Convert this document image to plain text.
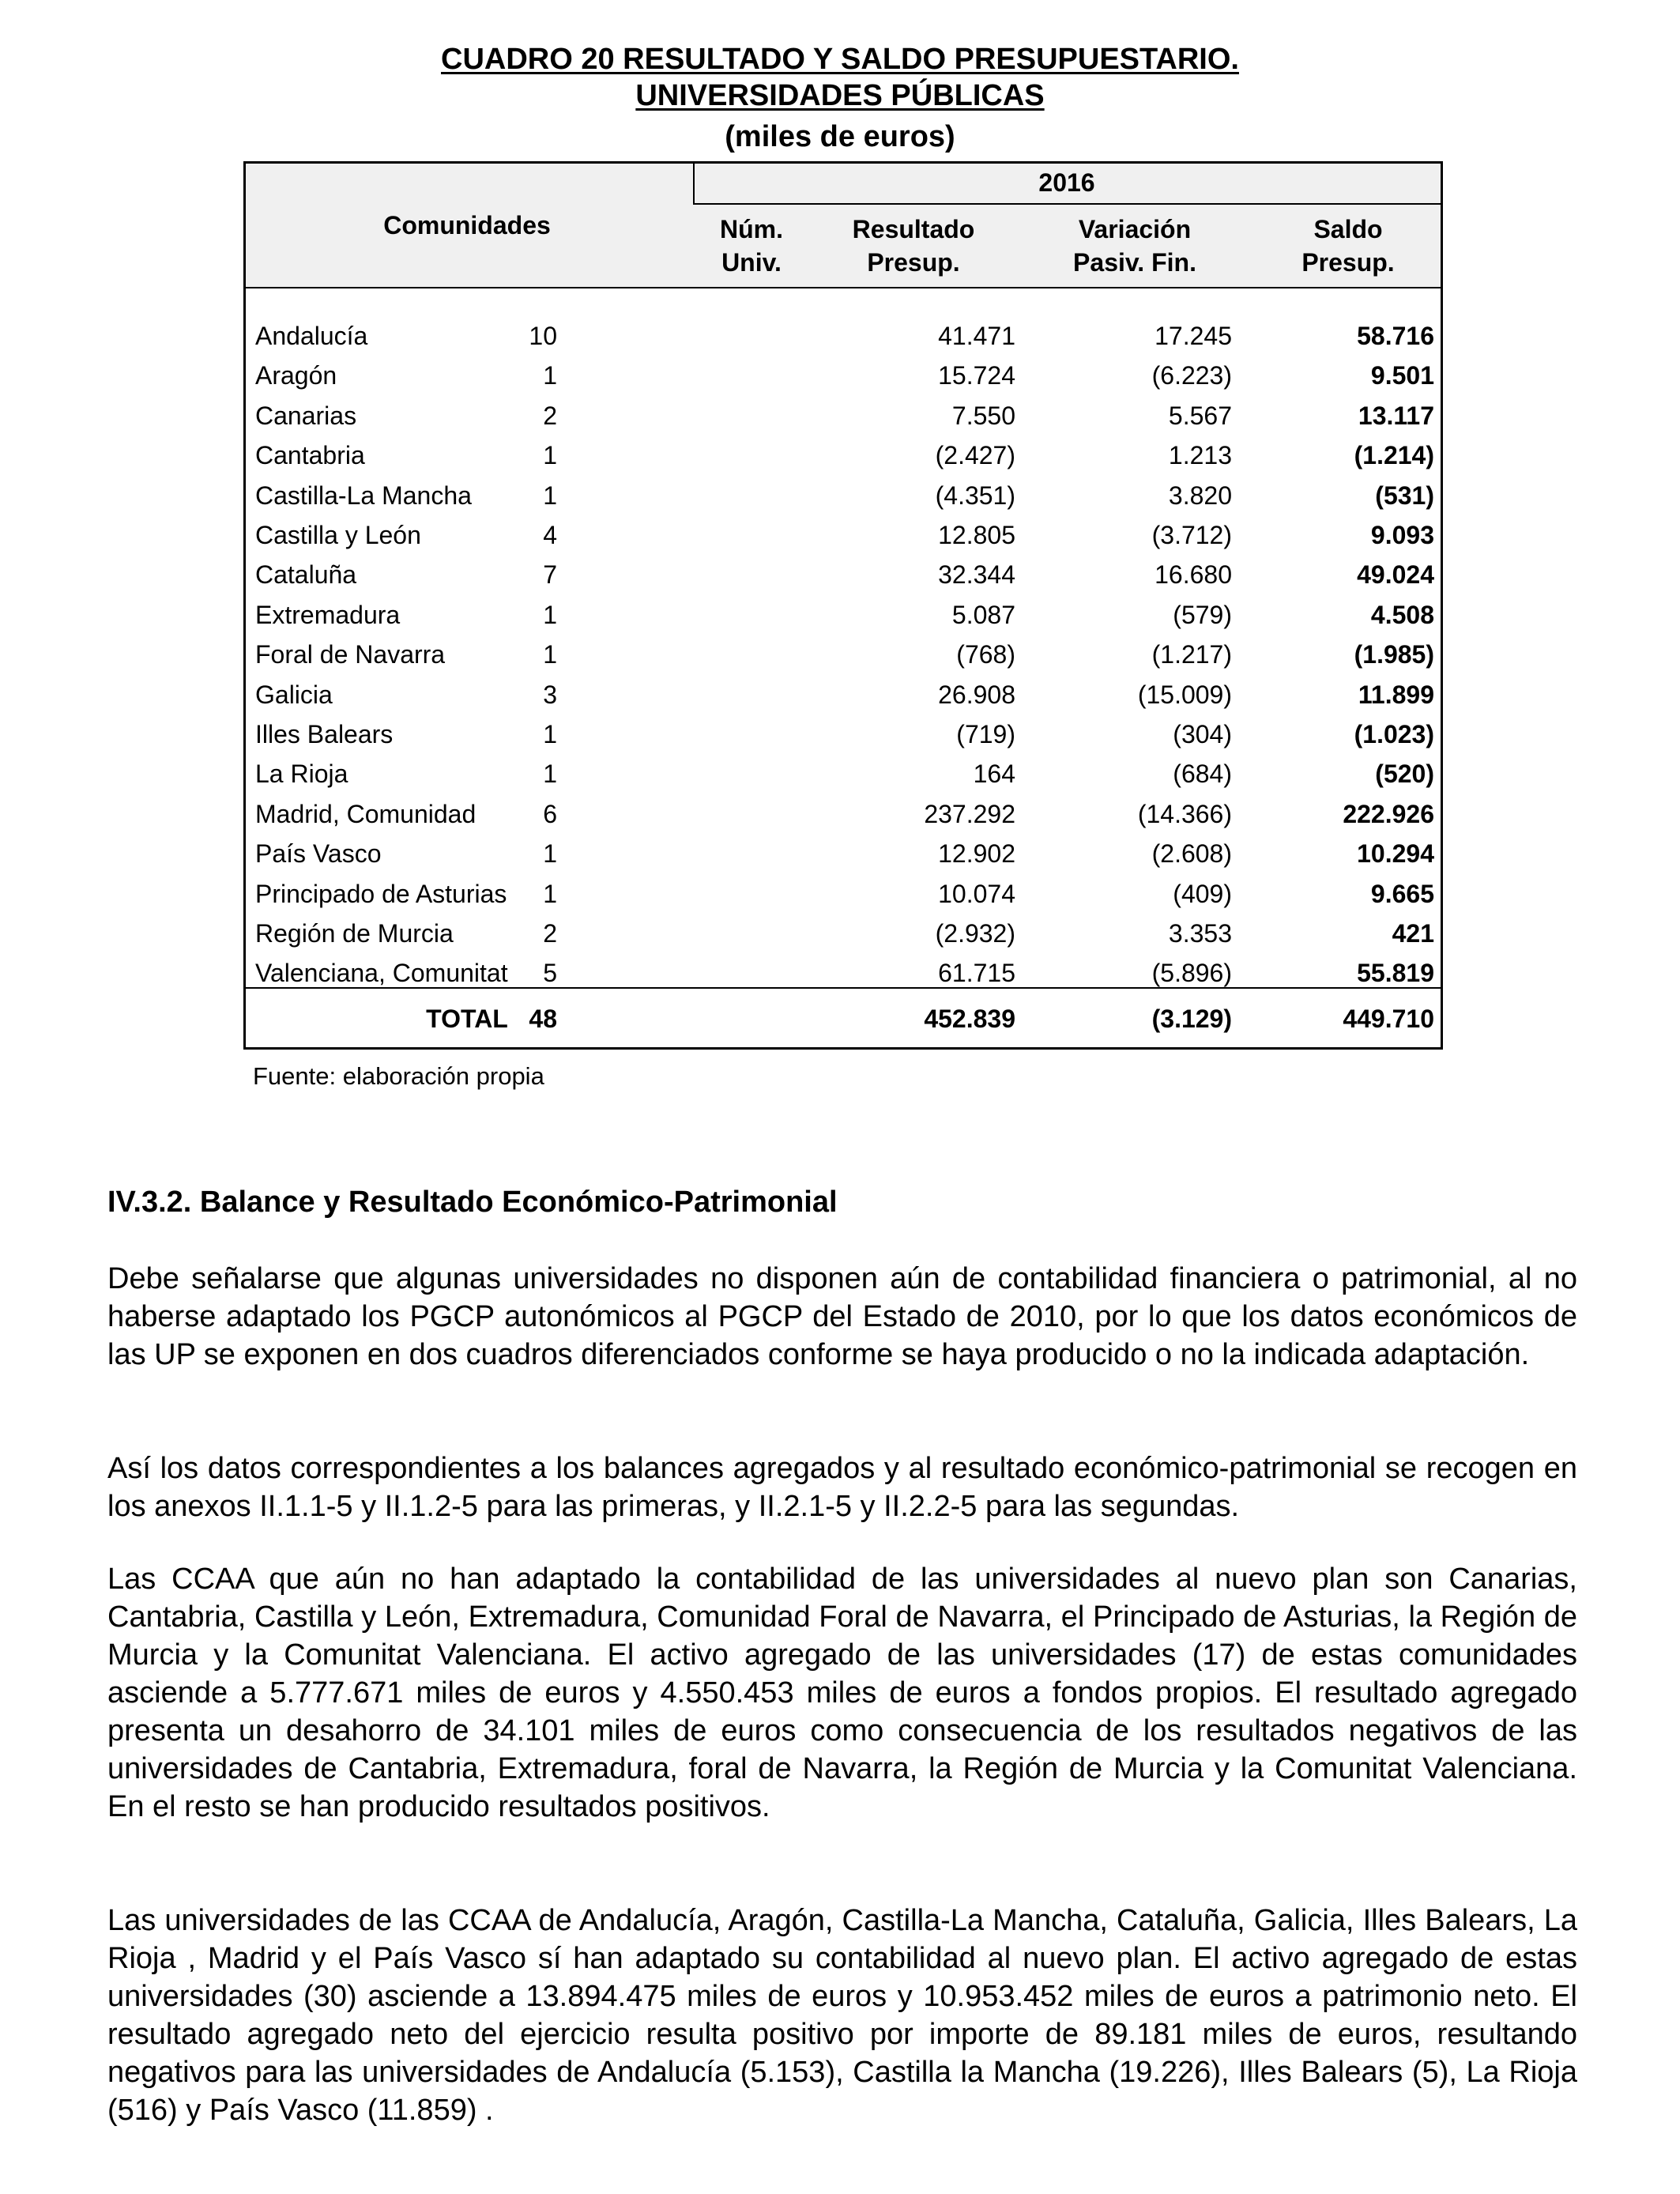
CUADRO 20 RESULTADO Y SALDO PRESUPUESTARIO.
UNIVERSIDADES PÚBLICAS
(miles de euros)
Comunidades
2016
Núm.
Univ.
Resultado
Presup.
Variación
Pasiv. Fin.
Saldo
Presup.
Andalucía	10	41.471	17.245	58.716
Aragón	1	15.724	(6.223)	9.501
Canarias	2	7.550	5.567	13.117
Cantabria	1	(2.427)	1.213	(1.214)
Castilla-La Mancha	1	(4.351)	3.820	(531)
Castilla y León	4	12.805	(3.712)	9.093
Cataluña	7	32.344	16.680	49.024
Extremadura	1	5.087	(579)	4.508
Foral de Navarra	1	(768)	(1.217)	(1.985)
Galicia	3	26.908	(15.009)	11.899
Illes Balears	1	(719)	(304)	(1.023)
La Rioja	1	164	(684)	(520)
Madrid, Comunidad	6	237.292	(14.366)	222.926
País Vasco	1	12.902	(2.608)	10.294
Principado de Asturias 1	10.074	(409)	9.665
Región de Murcia	2	(2.932)	3.353	421
Valenciana, Comunitat 5	61.715	(5.896)	55.819
TOTAL 48	452.839	(3.129)	449.710
Fuente: elaboración propia
IV.3.2. Balance y Resultado Económico-Patrimonial

Debe señalarse que algunas universidades no disponen aún de contabilidad financiera o patrimonial, al no haberse adaptado los PGCP autonómicos al PGCP del Estado de 2010, por lo que los datos económicos de las UP se exponen en dos cuadros diferenciados conforme se haya producido o no la indicada adaptación.

Así los datos correspondientes a los balances agregados y al resultado económico-patrimonial se recogen en los anexos II.1.1-5 y II.1.2-5 para las primeras, y II.2.1-5 y II.2.2-5 para las segundas.

Las CCAA que aún no han adaptado la contabilidad de las universidades al nuevo plan son Canarias, Cantabria, Castilla y León, Extremadura, Comunidad Foral de Navarra, el Principado de Asturias, la Región de Murcia y la Comunitat Valenciana. El activo agregado de las universidades (17) de estas comunidades asciende a 5.777.671 miles de euros y 4.550.453 miles de euros a fondos propios. El resultado agregado presenta un desahorro de 34.101 miles de euros como consecuencia de los resultados negativos de las universidades de Cantabria, Extremadura, foral de Navarra, la Región de Murcia y la Comunitat Valenciana. En el resto se han producido resultados positivos.

Las universidades de las CCAA de Andalucía, Aragón, Castilla-La Mancha, Cataluña, Galicia, Illes Balears, La Rioja , Madrid y el País Vasco sí han adaptado su contabilidad al nuevo plan. El activo agregado de estas universidades (30) asciende a 13.894.475 miles de euros y 10.953.452 miles de euros a patrimonio neto. El resultado agregado neto del ejercicio resulta positivo por importe de 89.181 miles de euros, resultando negativos para las universidades de Andalucía (5.153), Castilla la Mancha (19.226), Illes Balears (5), La Rioja (516) y País Vasco (11.859) .
